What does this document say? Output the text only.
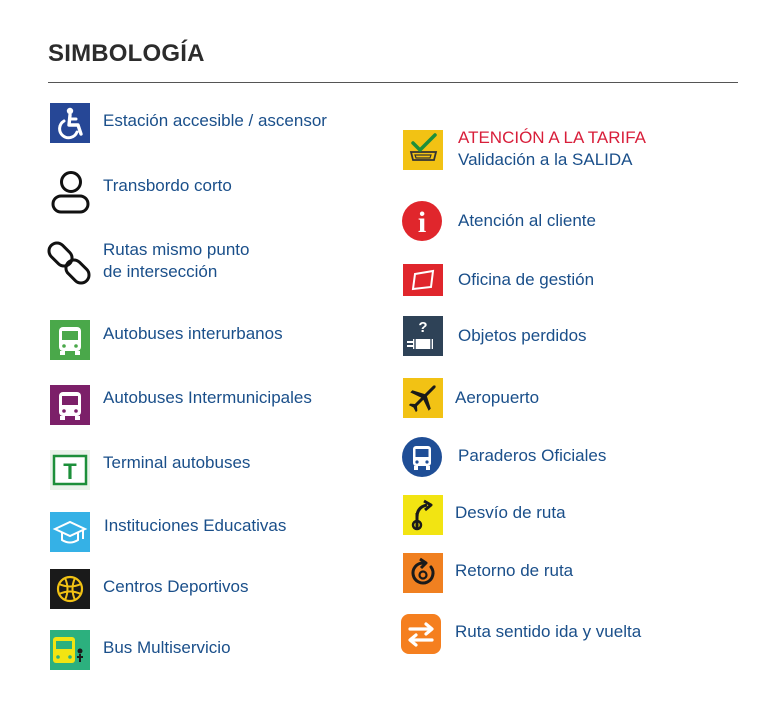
SIMBOLOGÍA
Estación accesible / ascensor
Transbordo corto
Rutas mismo punto
de intersección
Autobuses interurbanos
Autobuses Intermunicipales
T Terminal autobuses
Instituciones Educativas
Centros Deportivos
Bus Multiservicio
ATENCIÓN A LA TARIFA
Validación a la SALIDA
i Atención al cliente
Oficina de gestión
? Objetos perdidos
Aeropuerto
Paraderos Oficiales
Desvío de ruta
Retorno de ruta
Ruta sentido ida y vuelta
